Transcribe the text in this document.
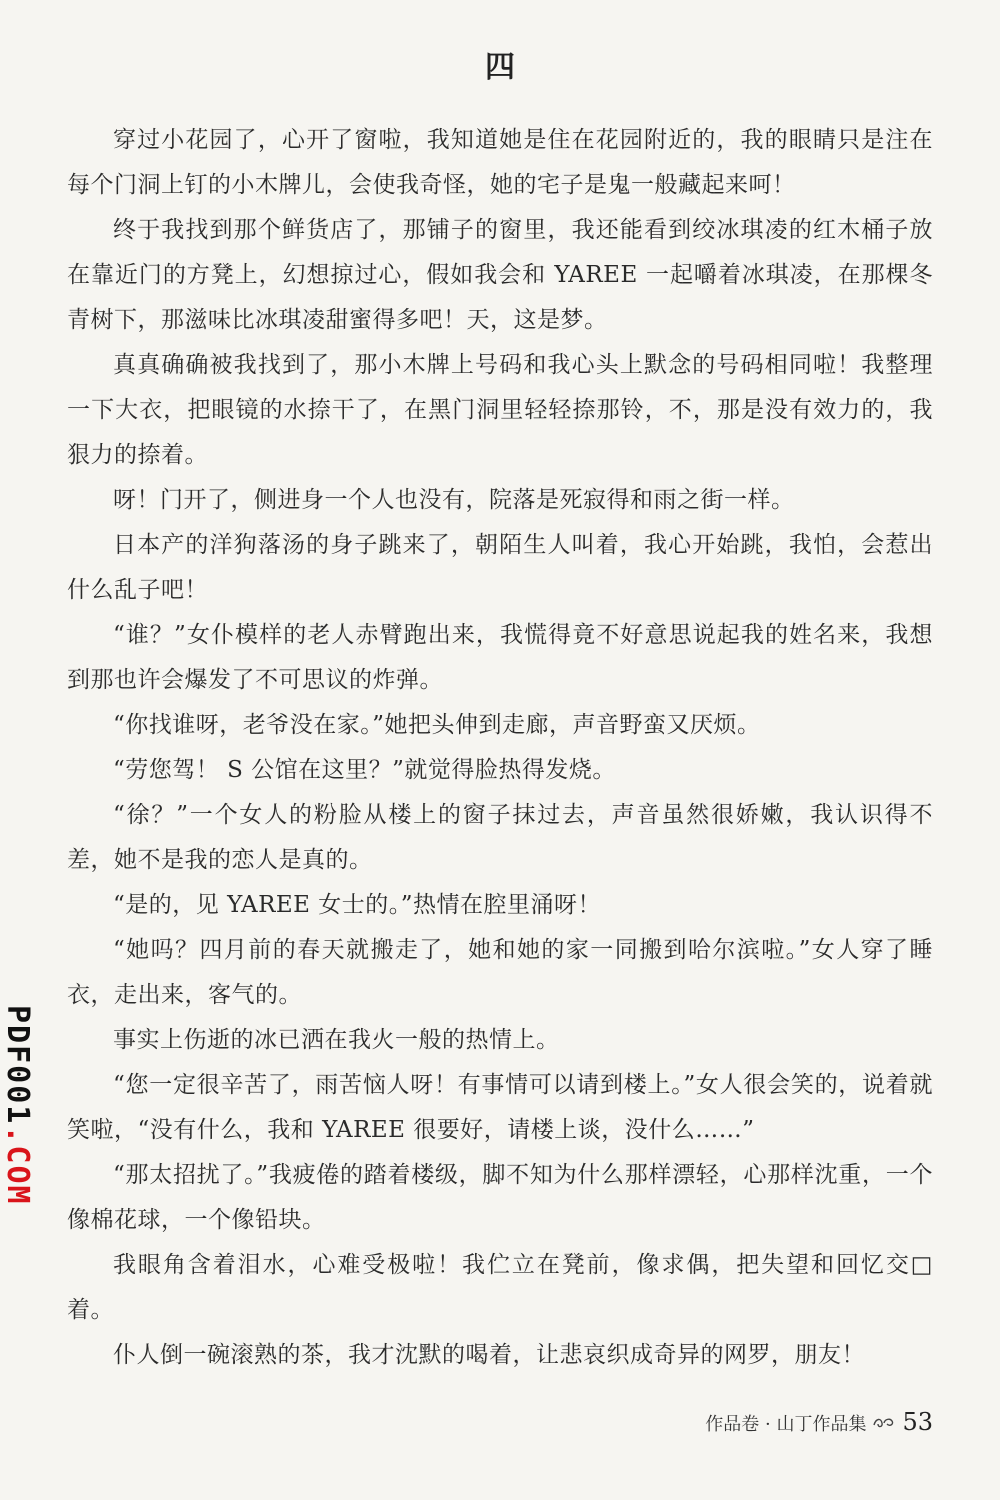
四

穿过小花园了，心开了窗啦，我知道她是住在花园附近的，我的眼睛只是注在每个门洞上钉的小木牌儿，会使我奇怪，她的宅子是鬼一般藏起来呵！

终于我找到那个鲜货店了，那铺子的窗里，我还能看到绞冰琪凌的红木桶子放在靠近门的方凳上，幻想掠过心，假如我会和 YAREE 一起嚼着冰琪凌，在那棵冬青树下，那滋味比冰琪凌甜蜜得多吧！天，这是梦。

真真确确被我找到了，那小木牌上号码和我心头上默念的号码相同啦！我整理一下大衣，把眼镜的水捺干了，在黑门洞里轻轻捺那铃，不，那是没有效力的，我狠力的捺着。

呀！门开了，侧进身一个人也没有，院落是死寂得和雨之街一样。

日本产的洋狗落汤的身子跳来了，朝陌生人叫着，我心开始跳，我怕，会惹出什么乱子吧！

“谁？”女仆模样的老人赤臂跑出来，我慌得竟不好意思说起我的姓名来，我想到那也许会爆发了不可思议的炸弹。

“你找谁呀，老爷没在家。”她把头伸到走廊，声音野蛮又厌烦。

“劳您驾！ S 公馆在这里？”就觉得脸热得发烧。

“徐？”一个女人的粉脸从楼上的窗子抹过去，声音虽然很娇嫩，我认识得不差，她不是我的恋人是真的。

“是的，见 YAREE 女士的。”热情在腔里涌呀！

“她吗？四月前的春天就搬走了，她和她的家一同搬到哈尔滨啦。”女人穿了睡衣，走出来，客气的。

事实上伤逝的冰已洒在我火一般的热情上。

“您一定很辛苦了，雨苦恼人呀！有事情可以请到楼上。”女人很会笑的，说着就笑啦，“没有什么，我和 YAREE 很要好，请楼上谈，没什么……”

“那太招扰了。”我疲倦的踏着楼级，脚不知为什么那样漂轻，心那样沈重，一个像棉花球，一个像铅块。

我眼角含着泪水，心难受极啦！我伫立在凳前，像求偶，把失望和回忆交□着。

仆人倒一碗滚熟的茶，我才沈默的喝着，让悲哀织成奇异的网罗，朋友！

PDF001.COM
作品卷 · 山丁作品集 53
